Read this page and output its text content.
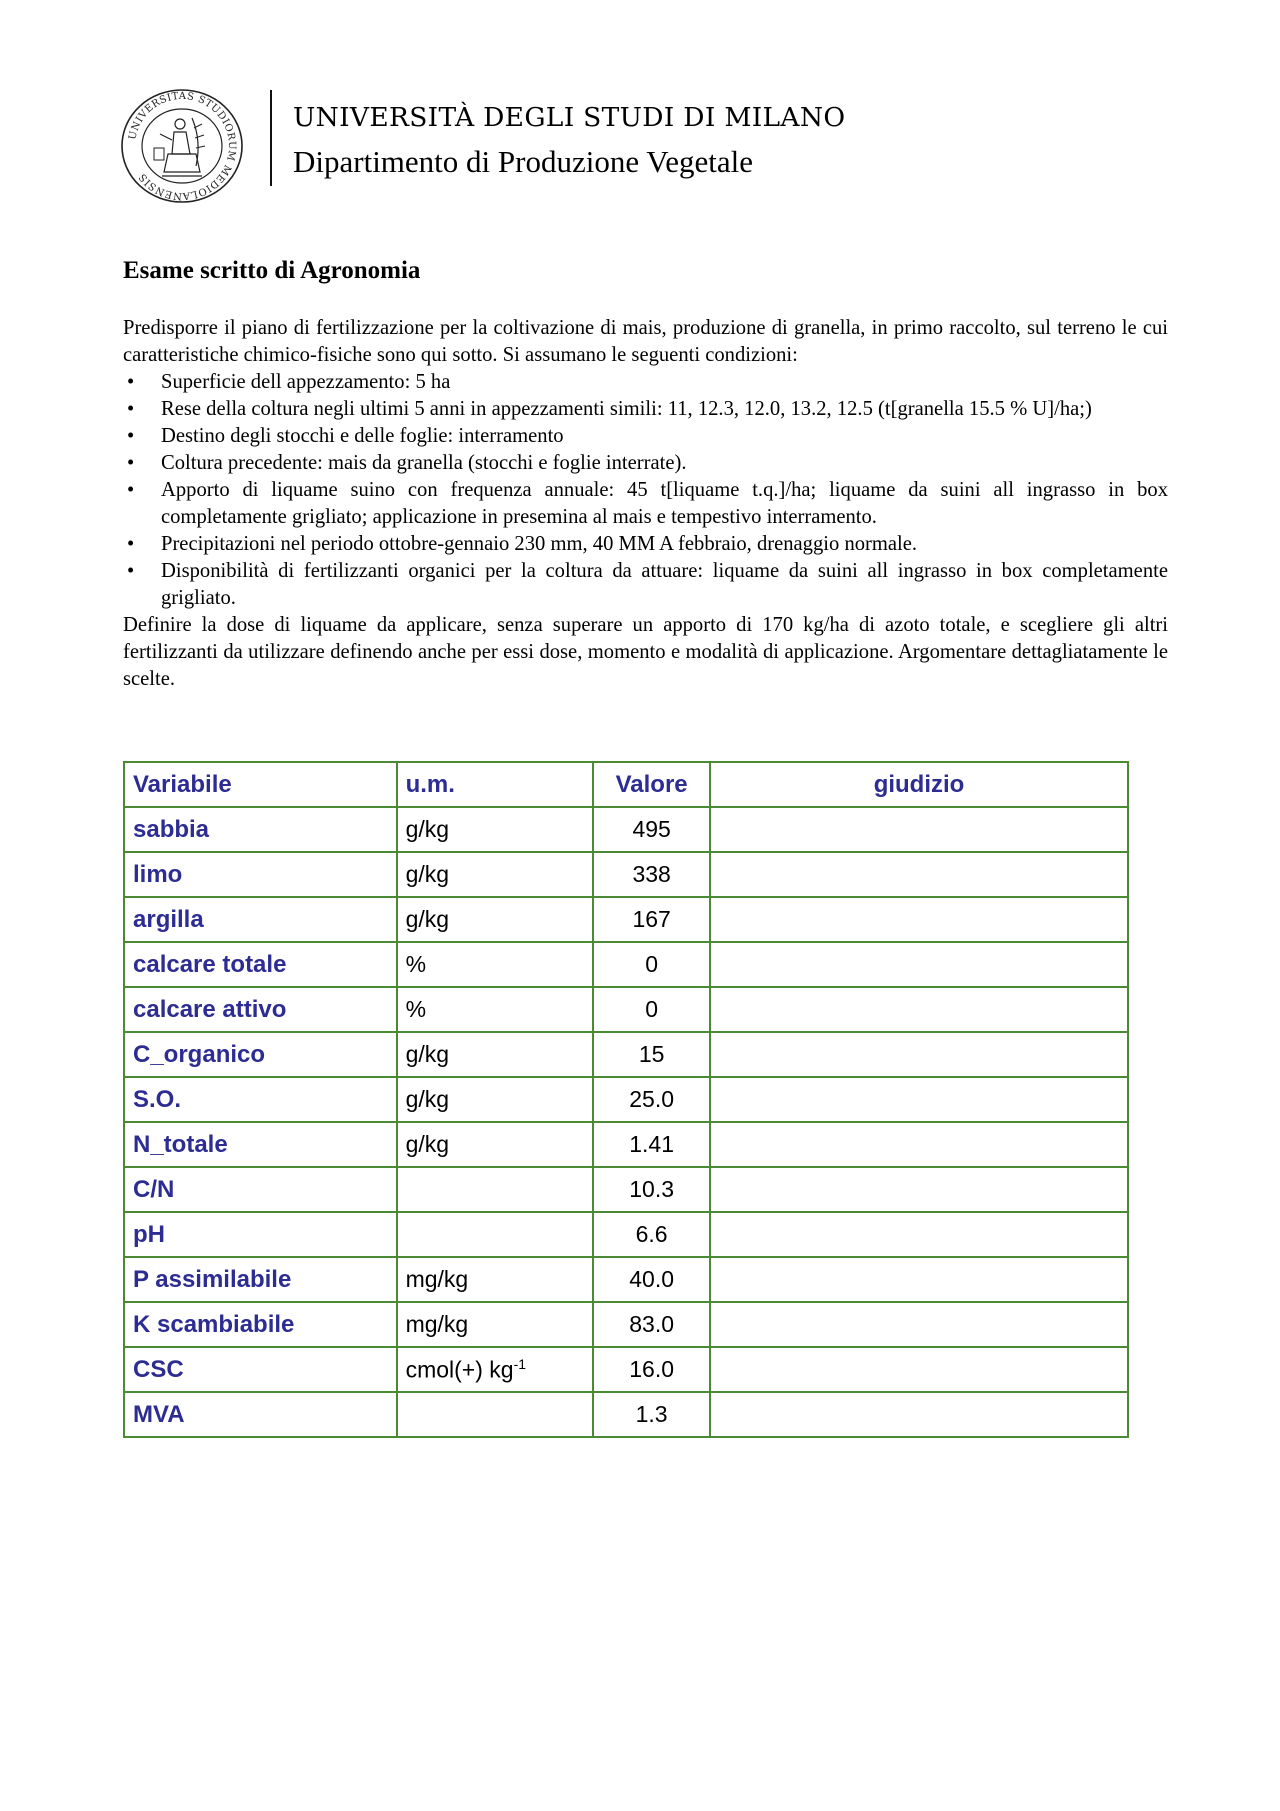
UNIVERSITAS STUDIORUM MEDIOLANENSIS
UNIVERSITÀ DEGLI STUDI DI MILANO
Dipartimento di Produzione Vegetale
Esame scritto di Agronomia

Predisporre il piano di fertilizzazione per la coltivazione di mais, produzione di granella, in primo raccolto, sul terreno le cui caratteristiche chimico-fisiche sono qui sotto. Si assumano le seguenti condizioni:

• Superficie dell appezzamento: 5 ha
• Rese della coltura negli ultimi 5 anni in appezzamenti simili: 11, 12.3, 12.0, 13.2, 12.5 (t[granella 15.5 % U]/ha;)
• Destino degli stocchi e delle foglie: interramento
• Coltura precedente: mais da granella (stocchi e foglie interrate).
• Apporto di liquame suino con frequenza annuale: 45 t[liquame t.q.]/ha; liquame da suini all ingrasso in box completamente grigliato; applicazione in presemina al mais e tempestivo interramento.
• Precipitazioni nel periodo ottobre-gennaio 230 mm, 40 MM A febbraio, drenaggio normale.
• Disponibilità di fertilizzanti organici per la coltura da attuare: liquame da suini all ingrasso in box completamente grigliato.

Definire la dose di liquame da applicare, senza superare un apporto di 170 kg/ha di azoto totale, e scegliere gli altri fertilizzanti da utilizzare definendo anche per essi dose, momento e modalità di applicazione. Argomentare dettagliatamente le scelte.

Variabile	u.m.	Valore	giudizio
sabbia	g/kg	495	
limo	g/kg	338	
argilla	g/kg	167	
calcare totale	%	0	
calcare attivo	%	0	
C_organico	g/kg	15	
S.O.	g/kg	25.0	
N_totale	g/kg	1.41	
C/N		10.3	
pH		6.6	
P assimilabile	mg/kg	40.0	
K scambiabile	mg/kg	83.0	
CSC	cmol(+) $kg^{-1}$	16.0	
MVA		1.3	
